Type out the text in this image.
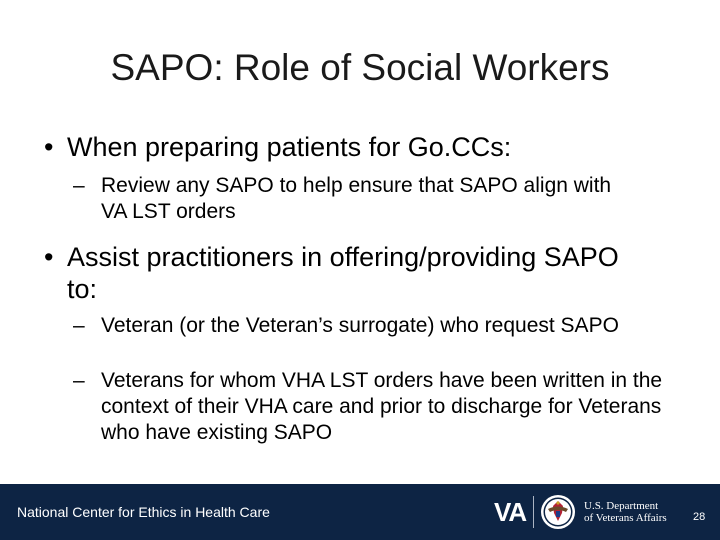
SAPO: Role of Social Workers
• When preparing patients for Go.CCs:
– Review any SAPO to help ensure that SAPO align with VA LST orders
• Assist practitioners in offering/providing SAPO to:
– Veteran (or the Veteran’s surrogate) who request SAPO
– Veterans for whom VHA LST orders have been written in the context of their VHA care and prior to discharge for Veterans who have existing SAPO
National Center for Ethics in Health Care	VA	U.S. Department
of Veterans Affairs 28
